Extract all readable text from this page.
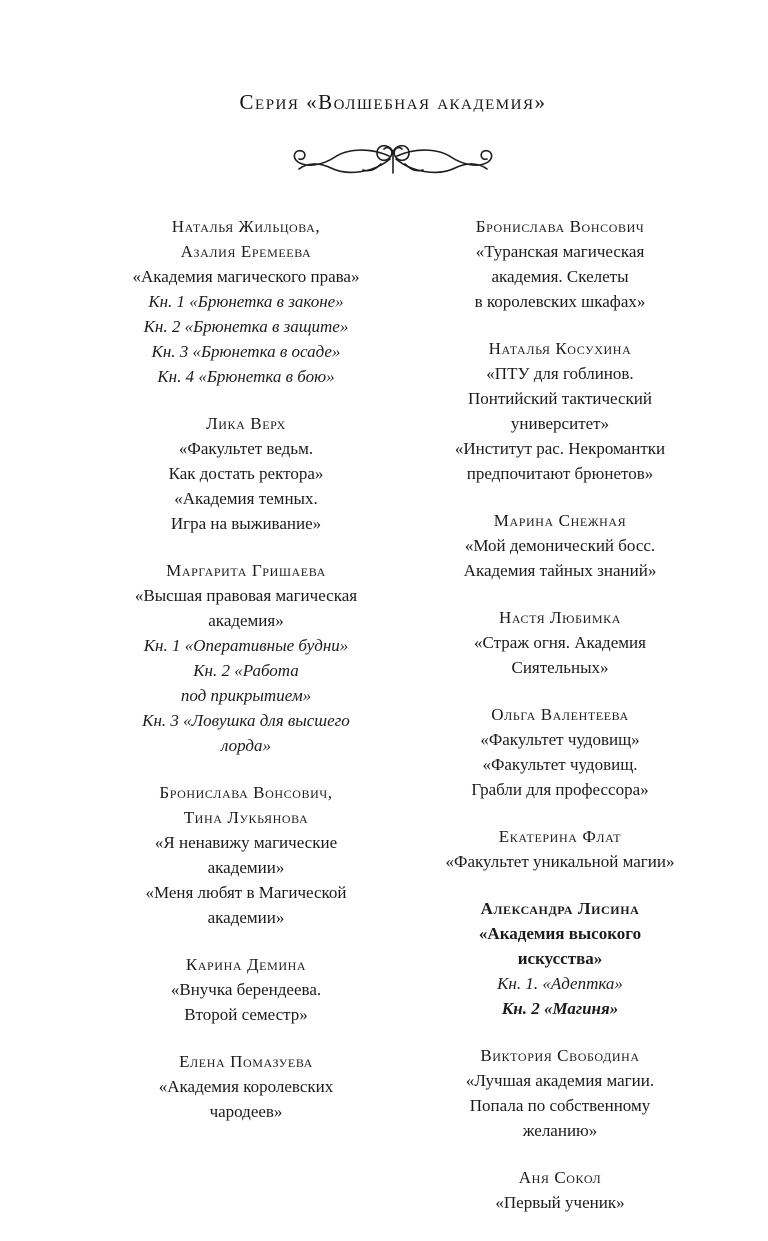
Серия «Волшебная академия»
Наталья Жильцова,
Азалия Еремеева
«Академия магического права»
Кн. 1 «Брюнетка в законе»
Кн. 2 «Брюнетка в защите»
Кн. 3 «Брюнетка в осаде»
Кн. 4 «Брюнетка в бою»
Лика Верх
«Факультет ведьм.
Как достать ректора»
«Академия темных.
Игра на выживание»
Маргарита Гришаева
«Высшая правовая магическая
академия»
Кн. 1 «Оперативные будни»
Кн. 2 «Работа
под прикрытием»
Кн. 3 «Ловушка для высшего
лорда»
Бронислава Вонсович,
Тина Лукьянова
«Я ненавижу магические
академии»
«Меня любят в Магической
академии»
Карина Демина
«Внучка берендеева.
Второй семестр»
Елена Помазуева
«Академия королевских
чародеев»
Бронислава Вонсович
«Туранская магическая
академия. Скелеты
в королевских шкафах»
Наталья Косухина
«ПТУ для гоблинов.
Понтийский тактический
университет»
«Институт рас. Некромантки
предпочитают брюнетов»
Марина Снежная
«Мой демонический босс.
Академия тайных знаний»
Настя Любимка
«Страж огня. Академия
Сиятельных»
Ольга Валентеева
«Факультет чудовищ»
«Факультет чудовищ.
Грабли для профессора»
Екатерина Флат
«Факультет уникальной магии»
Александра Лисина
«Академия высокого
искусства»
Кн. 1. «Адептка»
Кн. 2 «Магиня»
Виктория Свободина
«Лучшая академия магии.
Попала по собственному
желанию»
Аня Сокол
«Первый ученик»
